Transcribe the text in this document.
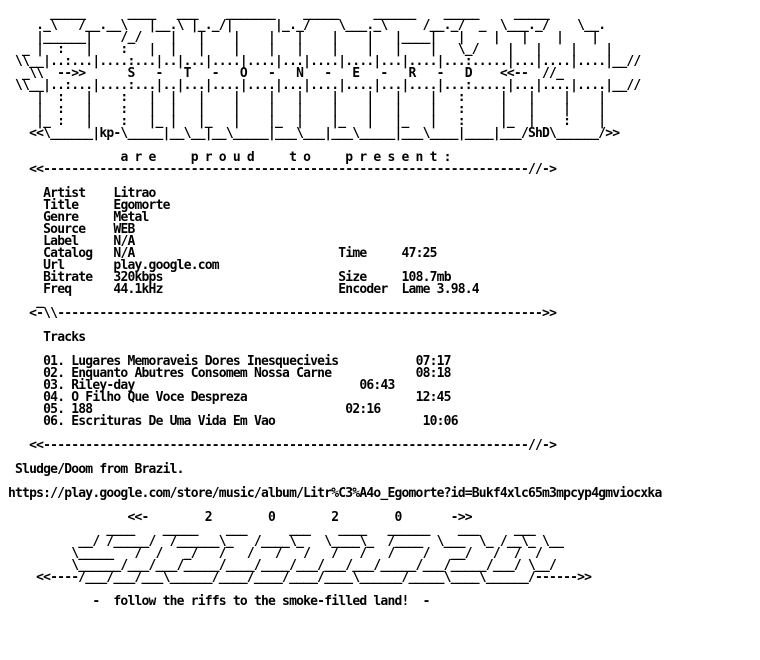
_____      ____   ___    _______    _____     ______    _____     _____
._\   /__.__\   |__.\ |_._/|      |_._/    \___._\     /__._/  _  \___._/    \__.
|______|    /_/    |   |    |    |   |    |    |   |____|   |    |   |    |    |
_ |  :   |    :   |  |   |    |    |   |    |    |   |    |   \_/    |   |    |    |
\\__|..:...|....:...|..|...|....|....|...|....|....|...|....|...:.....|...|....|....|__//
_\\  -->>      S   -   T   -   O   -   N   -   E   -   R   -   D    <<--  //_
\\__|..:...|....:...|..|...|....|....|...|....|....|...|....|...:.....|...|....|....|__//
|  :   |    :   |  |   |    |    |   |    |    |   |    |   :     |   |    |    |
|  :   |    :   |  |   |    |    |   |    |    |   |    |   :     |   |    |    |
|_ :   |    :   |_ |   |_   |    |_  |    |_   |   |_   |   :     |_  |    :    |
<<\______|kp-\_____|__\__|__\_____|___\___|___\_____|___\____|____|___/ShD\______/>>

a r e     p r o u d     t o     p r e s e n t :
<<---------------------------------------------------------------------//->

Artist Litrao
Title	Egomorte
Genre	Metal
Source WEB
Label	N/A
Catalog N/A	Time	47:25
Url	play.google.com
Bitrate 320kbps	Size	108.7mb
Freq	44.1kHz	Encoder Lame 3.98.4
_
<-\\--------------------------------------------------------------------->>

Tracks

01. Lugares Memoraveis Dores Inesqueciveis	07:17
02. Enquanto Abutres Consomem Nossa Carne	08:18
03. Riley-day	06:43
04. O Filho Que Voce Despreza	12:45
05. 188	02:16
06. Escrituras De Uma Vida Em Vao	10:06

<<---------------------------------------------------------------------//->

Sludge/Doom from Brazil.

https://play.google.com/store/music/album/Litr%C3%A4o_Egomorte?id=Bukf4xlc65m3mpcyp4gmviocxka

<<-        2        0        2        0       ->>
____    _____    ___      ___    ____   ______    ___     ___
__/ /_____/  /______\_   /____\_   \____\_  /____  \___  \_ /__\_ \__
\_____   /  /   _/   /   /   /   /   /   /   /    /   __/   /  /  /
\______/___/___/_____/____/____/___/___/___/_____/___/_____/___/ \__/
<<----/___/___/___\______/____/____/____/____\______/_____\____\______/------>>

-  follow the riffs to the smoke-filled land!  -
